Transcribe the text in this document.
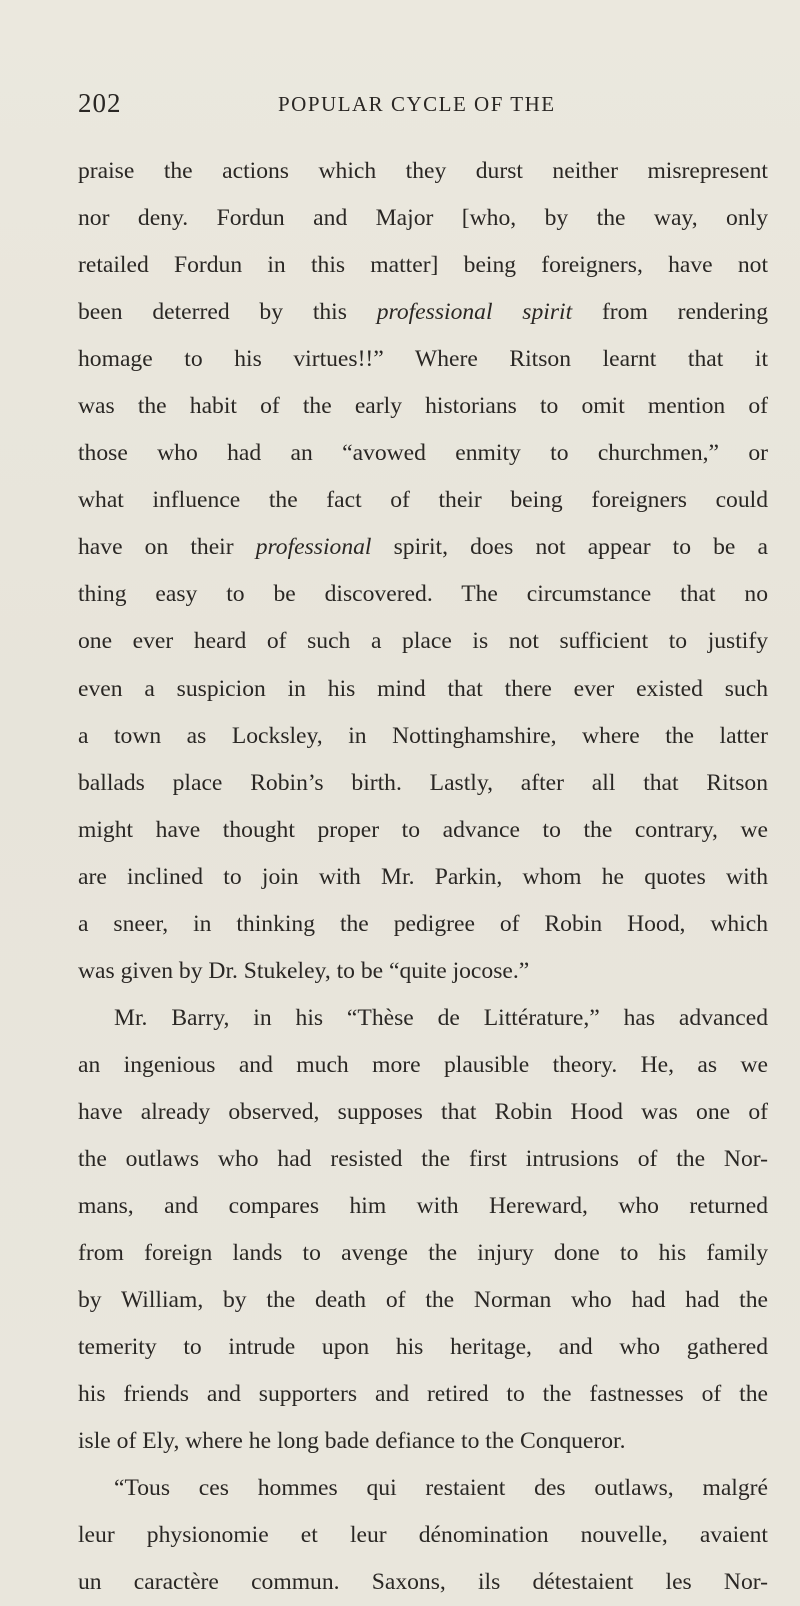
202	POPULAR CYCLE OF THE
praise the actions which they durst neither misrepresent
nor deny. Fordun and Major [who, by the way, only
retailed Fordun in this matter] being foreigners, have not
been deterred by this professional spirit from rendering
homage to his virtues!!” Where Ritson learnt that it
was the habit of the early historians to omit mention of
those who had an “avowed enmity to churchmen,” or
what influence the fact of their being foreigners could
have on their professional spirit, does not appear to be a
thing easy to be discovered. The circumstance that no
one ever heard of such a place is not sufficient to justify
even a suspicion in his mind that there ever existed such
a town as Locksley, in Nottinghamshire, where the latter
ballads place Robin’s birth. Lastly, after all that Ritson
might have thought proper to advance to the contrary, we
are inclined to join with Mr. Parkin, whom he quotes with
a sneer, in thinking the pedigree of Robin Hood, which
was given by Dr. Stukeley, to be “quite jocose.”
Mr. Barry, in his “Thèse de Littérature,” has advanced
an ingenious and much more plausible theory. He, as we
have already observed, supposes that Robin Hood was one of
the outlaws who had resisted the first intrusions of the Nor-
mans, and compares him with Hereward, who returned
from foreign lands to avenge the injury done to his family
by William, by the death of the Norman who had had the
temerity to intrude upon his heritage, and who gathered
his friends and supporters and retired to the fastnesses of the
isle of Ely, where he long bade defiance to the Conqueror.
“Tous ces hommes qui restaient des outlaws, malgré
leur physionomie et leur dénomination nouvelle, avaient
un caractère commun. Saxons, ils détestaient les Nor-
